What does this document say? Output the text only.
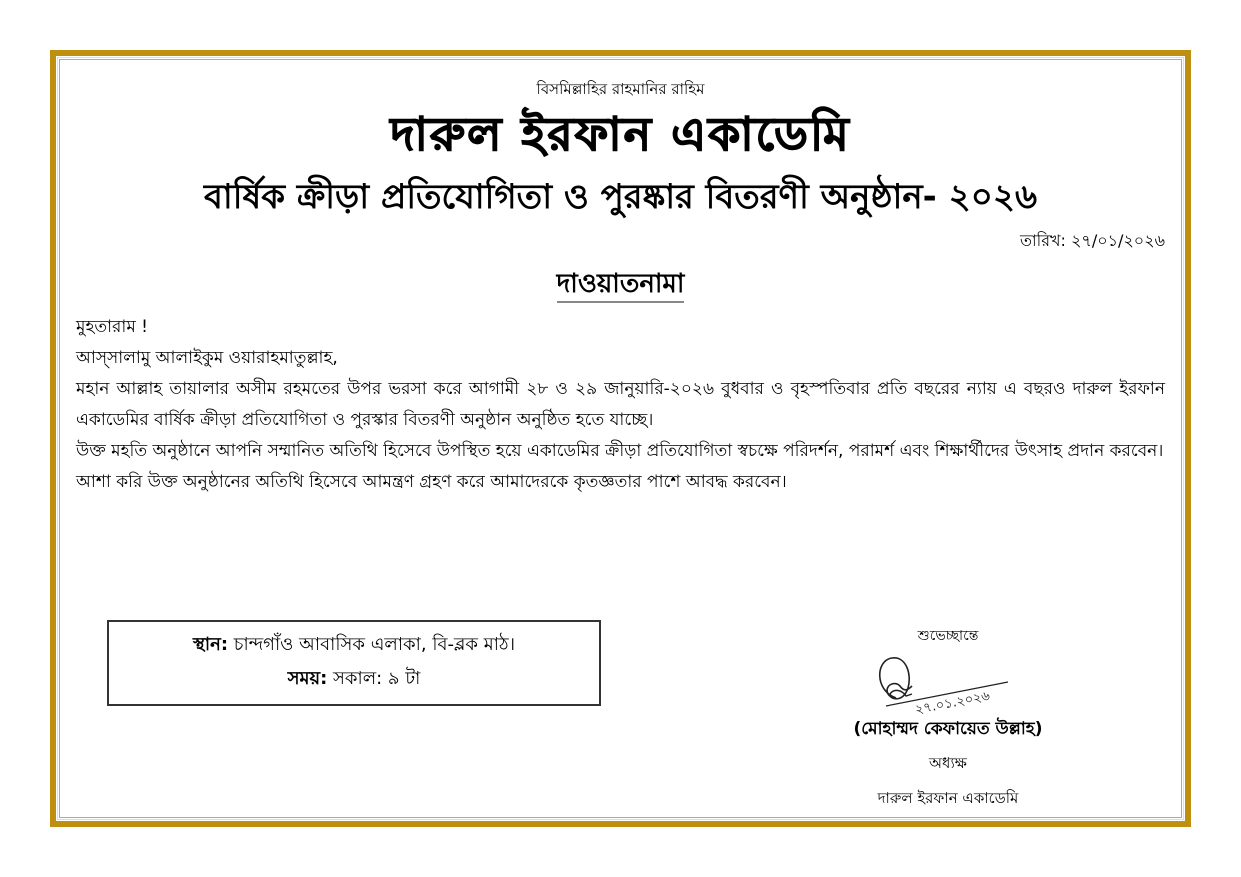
বিসমিল্লাহির রাহমানির রাহিম
দারুল ইরফান একাডেমি
বার্ষিক ক্রীড়া প্রতিযোগিতা ও পুরষ্কার বিতরণী অনুষ্ঠান- ২০২৬
তারিখ: ২৭/০১/২০২৬
দাওয়াতনামা

মুহতারাম !

আস্‌সালামু আলাইকুম ওয়ারাহমাতুল্লাহ,

মহান আল্লাহ তায়ালার অসীম রহমতের উপর ভরসা করে আগামী ২৮ ও ২৯ জানুয়ারি-২০২৬ বুধবার ও বৃহস্পতিবার প্রতি বছরের ন্যায় এ বছরও দারুল ইরফান একাডেমির বার্ষিক ক্রীড়া প্রতিযোগিতা ও পুরস্কার বিতরণী অনুষ্ঠান অনুষ্ঠিত হতে যাচ্ছে।

উক্ত মহতি অনুষ্ঠানে আপনি সম্মানিত অতিথি হিসেবে উপস্থিত হয়ে একাডেমির ক্রীড়া প্রতিযোগিতা স্বচক্ষে পরিদর্শন, পরামর্শ এবং শিক্ষার্থীদের উৎসাহ প্রদান করবেন।

আশা করি উক্ত অনুষ্ঠানের অতিথি হিসেবে আমন্ত্রণ গ্রহণ করে আমাদেরকে কৃতজ্ঞতার পাশে আবদ্ধ করবেন।

স্থান: চান্দগাঁও আবাসিক এলাকা, বি-ব্লক মাঠ।
সময়: সকাল: ৯ টা
শুভেচ্ছান্তে
২৭.০১.২০২৬
(মোহাম্মদ কেফায়েত উল্লাহ)
অধ্যক্ষ
দারুল ইরফান একাডেমি
